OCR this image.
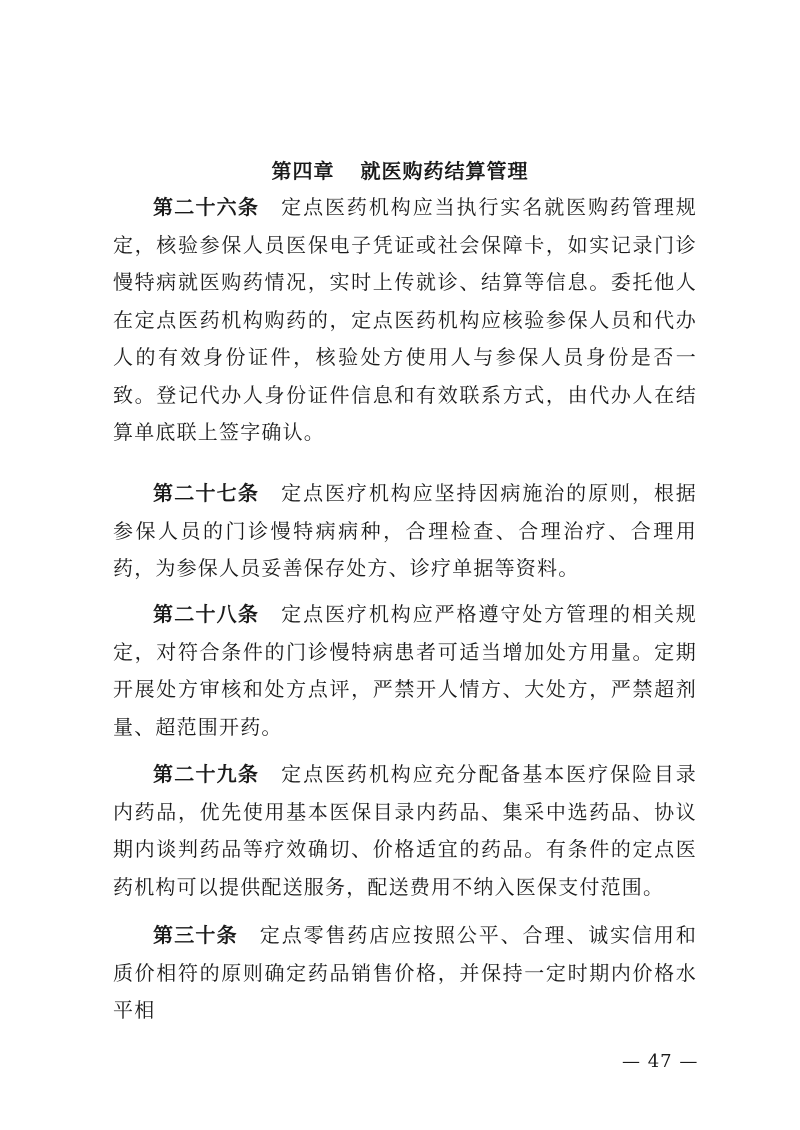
第四章 就医购药结算管理

第二十六条 定点医药机构应当执行实名就医购药管理规定，核验参保人员医保电子凭证或社会保障卡，如实记录门诊慢特病就医购药情况，实时上传就诊、结算等信息。委托他人在定点医药机构购药的，定点医药机构应核验参保人员和代办人的有效身份证件，核验处方使用人与参保人员身份是否一致。登记代办人身份证件信息和有效联系方式，由代办人在结算单底联上签字确认。

第二十七条 定点医疗机构应坚持因病施治的原则，根据参保人员的门诊慢特病病种，合理检查、合理治疗、合理用药，为参保人员妥善保存处方、诊疗单据等资料。

第二十八条 定点医疗机构应严格遵守处方管理的相关规定，对符合条件的门诊慢特病患者可适当增加处方用量。定期开展处方审核和处方点评，严禁开人情方、大处方，严禁超剂量、超范围开药。

第二十九条 定点医药机构应充分配备基本医疗保险目录内药品，优先使用基本医保目录内药品、集采中选药品、协议期内谈判药品等疗效确切、价格适宜的药品。有条件的定点医药机构可以提供配送服务，配送费用不纳入医保支付范围。

第三十条 定点零售药店应按照公平、合理、诚实信用和质价相符的原则确定药品销售价格，并保持一定时期内价格水平相

— 47 —
